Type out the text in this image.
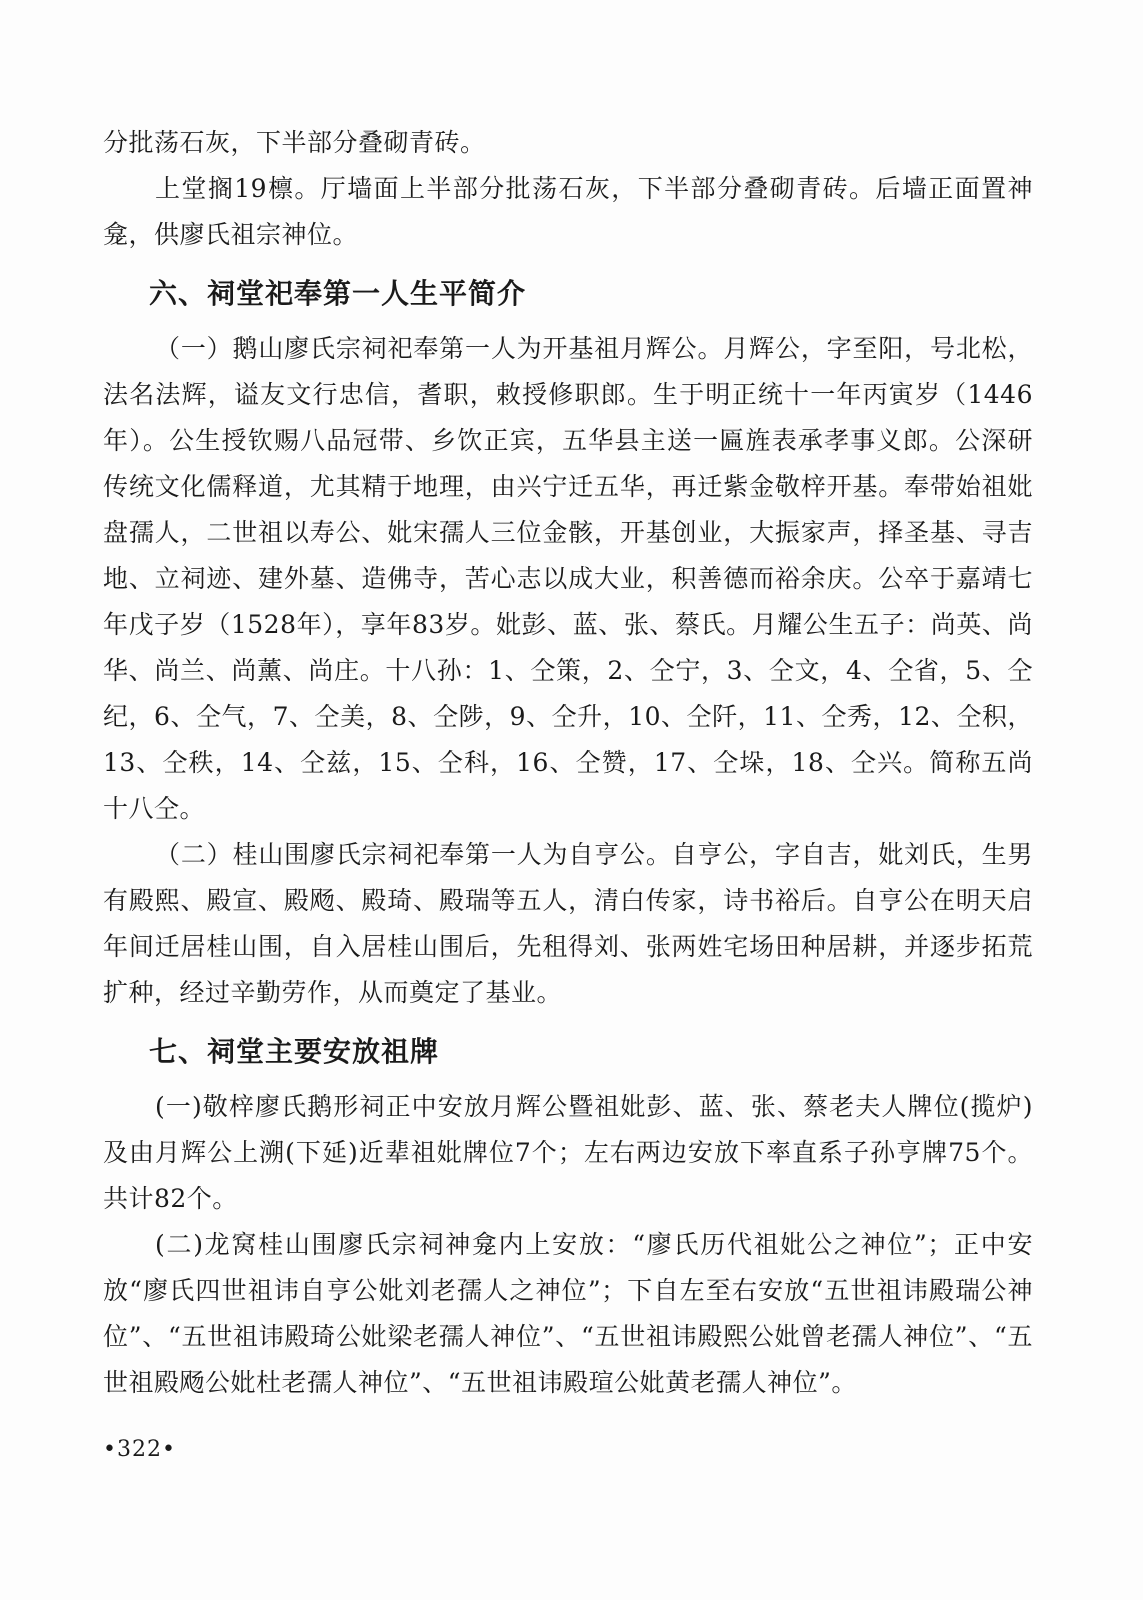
分批荡石灰，下半部分叠砌青砖。

上堂搁19檩。厅墙面上半部分批荡石灰，下半部分叠砌青砖。后墙正面置神龛，供廖氏祖宗神位。

六、祠堂祀奉第一人生平简介

（一）鹅山廖氏宗祠祀奉第一人为开基祖月辉公。月辉公，字至阳，号北松，法名法辉，谥友文行忠信，耆职，敕授修职郎。生于明正统十一年丙寅岁（1446年）。公生授钦赐八品冠带、乡饮正宾，五华县主送一匾旌表承孝事义郎。公深研传统文化儒释道，尤其精于地理，由兴宁迁五华，再迁紫金敬梓开基。奉带始祖妣盘孺人，二世祖以寿公、妣宋孺人三位金骸，开基创业，大振家声，择圣基、寻吉地、立祠迹、建外墓、造佛寺，苦心志以成大业，积善德而裕余庆。公卒于嘉靖七年戊子岁（1528年），享年83岁。妣彭、蓝、张、蔡氏。月耀公生五子：尚英、尚华、尚兰、尚薰、尚庄。十八孙：1、仝策，2、仝宁，3、仝文，4、仝省，5、仝纪，6、仝气，7、仝美，8、仝陟，9、仝升，10、仝阡，11、仝秀，12、仝积，13、仝秩，14、仝兹，15、仝科，16、仝赞，17、仝垛，18、仝兴。简称五尚十八仝。

（二）桂山围廖氏宗祠祀奉第一人为自亨公。自亨公，字自吉，妣刘氏，生男有殿熙、殿宣、殿飏、殿琦、殿瑞等五人，清白传家，诗书裕后。自亨公在明天启年间迁居桂山围，自入居桂山围后，先租得刘、张两姓宅场田种居耕，并逐步拓荒扩种，经过辛勤劳作，从而奠定了基业。

七、祠堂主要安放祖牌

(一)敬梓廖氏鹅形祠正中安放月辉公暨祖妣彭、蓝、张、蔡老夫人牌位(揽炉)及由月辉公上溯(下延)近辈祖妣牌位7个；左右两边安放下率直系子孙亨牌75个。共计82个。

(二)龙窝桂山围廖氏宗祠神龛内上安放：“廖氏历代祖妣公之神位”；正中安放“廖氏四世祖讳自亨公妣刘老孺人之神位”；下自左至右安放“五世祖讳殿瑞公神位”、“五世祖讳殿琦公妣梁老孺人神位”、“五世祖讳殿熙公妣曾老孺人神位”、“五世祖殿飏公妣杜老孺人神位”、“五世祖讳殿瑄公妣黄老孺人神位”。

•322•
